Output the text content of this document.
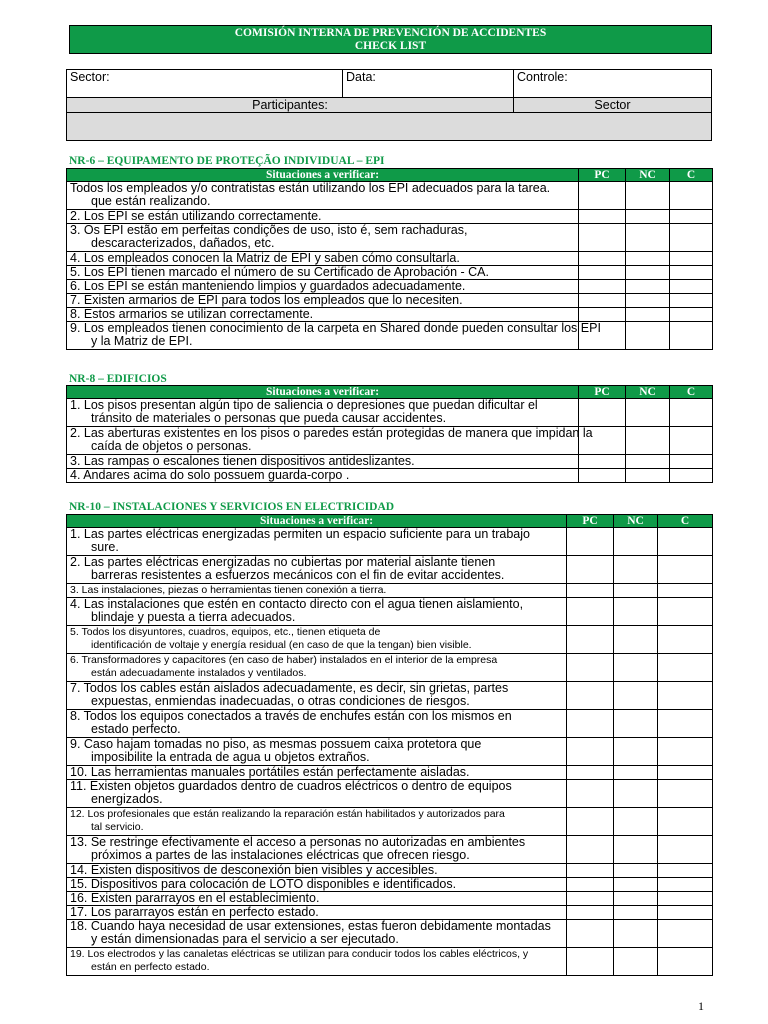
COMISIÓN INTERNA DE PREVENCIÓN DE ACCIDENTES
CHECK LIST
Sector:	Data:	Controle:
Participantes:		Sector

NR-6 – EQUIPAMENTO DE PROTEÇÃO INDIVIDUAL – EPI
Situaciones a verificar:	PC	NC	C

Todos los empleados y/o contratistas están utilizando los EPI adecuados para la tarea.
que están realizando.			

2. Los EPI se están utilizando correctamente.			

3. Os EPI estão em perfeitas condições de uso, isto é, sem rachaduras,
descaracterizados, dañados, etc.			

4. Los empleados conocen la Matriz de EPI y saben cómo consultarla.			

5. Los EPI tienen marcado el número de su Certificado de Aprobación - CA.			

6. Los EPI se están manteniendo limpios y guardados adecuadamente.			

7. Existen armarios de EPI para todos los empleados que lo necesiten.			

8. Estos armarios se utilizan correctamente.			

9. Los empleados tienen conocimiento de la carpeta en Shared donde pueden consultar los EPI
y la Matriz de EPI.			

NR-8 – EDIFICIOS
Situaciones a verificar:	PC	NC	C

1. Los pisos presentan algún tipo de saliencia o depresiones que puedan dificultar el
tránsito de materiales o personas que pueda causar accidentes.			

2. Las aberturas existentes en los pisos o paredes están protegidas de manera que impidan la
caída de objetos o personas.			

3. Las rampas o escalones tienen dispositivos antideslizantes.			

4. Andares acima do solo possuem guarda-corpo .			

NR-10 – INSTALACIONES Y SERVICIOS EN ELECTRICIDAD
Situaciones a verificar:	PC	NC	C

1. Las partes eléctricas energizadas permiten un espacio suficiente para un trabajo
sure.			

2. Las partes eléctricas energizadas no cubiertas por material aislante tienen
barreras resistentes a esfuerzos mecánicos con el fin de evitar accidentes.			

3. Las instalaciones, piezas o herramientas tienen conexión a tierra.			

4. Las instalaciones que estén en contacto directo con el agua tienen aislamiento,
blindaje y puesta a tierra adecuados.			

5. Todos los disyuntores, cuadros, equipos, etc., tienen etiqueta de
identificación de voltaje y energía residual (en caso de que la tengan) bien visible.			

6. Transformadores y capacitores (en caso de haber) instalados en el interior de la empresa
están adecuadamente instalados y ventilados.			

7. Todos los cables están aislados adecuadamente, es decir, sin grietas, partes
expuestas, enmiendas inadecuadas, o otras condiciones de riesgos.			

8. Todos los equipos conectados a través de enchufes están con los mismos en
estado perfecto.			

9. Caso hajam tomadas no piso, as mesmas possuem caixa protetora que
imposibilite la entrada de agua u objetos extraños.			

10. Las herramientas manuales portátiles están perfectamente aisladas.			

11. Existen objetos guardados dentro de cuadros eléctricos o dentro de equipos
energizados.			

12. Los profesionales que están realizando la reparación están habilitados y autorizados para
tal servicio.			

13. Se restringe efectivamente el acceso a personas no autorizadas en ambientes
próximos a partes de las instalaciones eléctricas que ofrecen riesgo.			

14. Existen dispositivos de desconexión bien visibles y accesibles.			

15. Dispositivos para colocación de LOTO disponibles e identificados.			

16. Existen pararrayos en el establecimiento.			

17. Los pararrayos están en perfecto estado.			

18. Cuando haya necesidad de usar extensiones, estas fueron debidamente montadas
y están dimensionadas para el servicio a ser ejecutado.			

19. Los electrodos y las canaletas eléctricas se utilizan para conducir todos los cables eléctricos, y
están en perfecto estado.			

1
